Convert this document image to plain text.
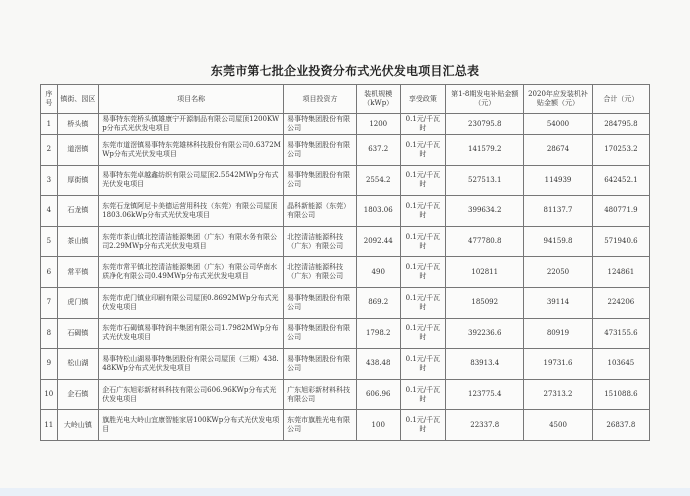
东莞市第七批企业投资分布式光伏发电项目汇总表
序号	镇街、园区	项目名称	项目投资方	装机规模（kWp）	享受政策	第1-8期发电补贴金额（元）	2020年应发装机补贴金额（元）	合计（元）
1	桥头镇	易事特东莞桥头镇雄康宁开源制品有限公司屋顶1200KWp分布式光伏发电项目	易事特集团股份有限公司	1200	0.1元/千瓦时	230795.8	54000	284795.8
2	道滘镇	东莞市道滘镇易事特东莞雄林科技股份有限公司0.6372MWp分布式光伏发电项目	易事特集团股份有限公司	637.2	0.1元/千瓦时	141579.2	28674	170253.2
3	厚街镇	易事特东莞卓越鑫纺织有限公司屋顶2.5542MWp分布式光伏发电项目	易事特集团股份有限公司	2554.2	0.1元/千瓦时	527513.1	114939	642452.1
4	石龙镇	东莞石龙镇阿尼卡美德运营用科技（东莞）有限公司屋顶1803.06kWp分布式光伏发电项目	晶科新能源（东莞）有限公司	1803.06	0.1元/千瓦时	399634.2	81137.7	480771.9
5	茶山镇	东莞市茶山镇北控清洁能源集团（广东）有限水务有限公司2.29MWp分布式光伏发电项目	北控清洁能源科技（广东）有限公司	2092.44	0.1元/千瓦时	477780.8	94159.8	571940.6
6	常平镇	东莞市常平镇北控清洁能源集团（广东）有限公司华南水质净化有限公司0.49MWp分布式光伏发电项目	北控清洁能源科技（广东）有限公司	490	0.1元/千瓦时	102811	22050	124861
7	虎门镇	东莞市虎门镇业印刷有限公司屋顶0.8692MWp分布式光伏发电项目	易事特集团股份有限公司	869.2	0.1元/千瓦时	185092	39114	224206
8	石碣镇	东莞市石碣镇易事特润丰集团有限公司1.7982MWp分布式光伏发电项目	易事特集团股份有限公司	1798.2	0.1元/千瓦时	392236.6	80919	473155.6
9	松山湖	易事特松山湖易事特集团股份有限公司屋顶（三期）438.48KWp分布式光伏发电项目	易事特集团股份有限公司	438.48	0.1元/千瓦时	83913.4	19731.6	103645
10	企石镇	企石广东旭彩新材料科技有限公司606.96KWp分布式光伏发电项目	广东旭彩新材料科技有限公司	606.96	0.1元/千瓦时	123775.4	27313.2	151088.6
11	大岭山镇	旗胜光电大岭山宜康智能家居100KWp分布式光伏发电项目	东莞市旗胜光电有限公司	100	0.1元/千瓦时	22337.8	4500	26837.8
